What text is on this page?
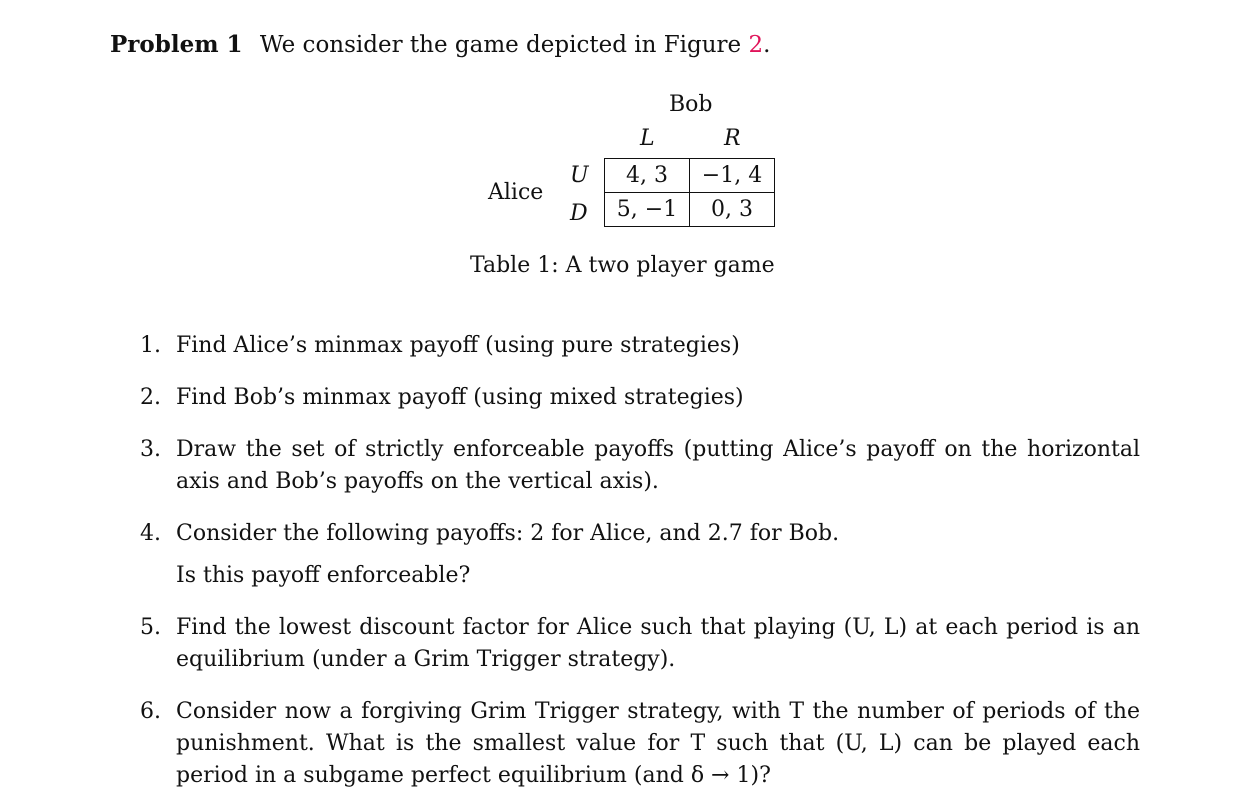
Problem 1 We consider the game depicted in Figure 2.
Bob
L	R
Alice
U
D
4, 3	−1, 4
5, −1	0, 3
Table 1: A two player game
1. Find Alice’s minmax payoff (using pure strategies)
2. Find Bob’s minmax payoff (using mixed strategies)
3. Draw the set of strictly enforceable payoffs (putting Alice’s payoff on the horizontal axis and Bob’s payoffs on the vertical axis).
4. Consider the following payoffs: 2 for Alice, and 2.7 for Bob.
Is this payoff enforceable?
5. Find the lowest discount factor for Alice such that playing (U, L) at each period is an equilibrium (under a Grim Trigger strategy).
6. Consider now a forgiving Grim Trigger strategy, with T the number of periods of the punishment. What is the smallest value for T such that (U, L) can be played each period in a subgame perfect equilibrium (and δ → 1)?
